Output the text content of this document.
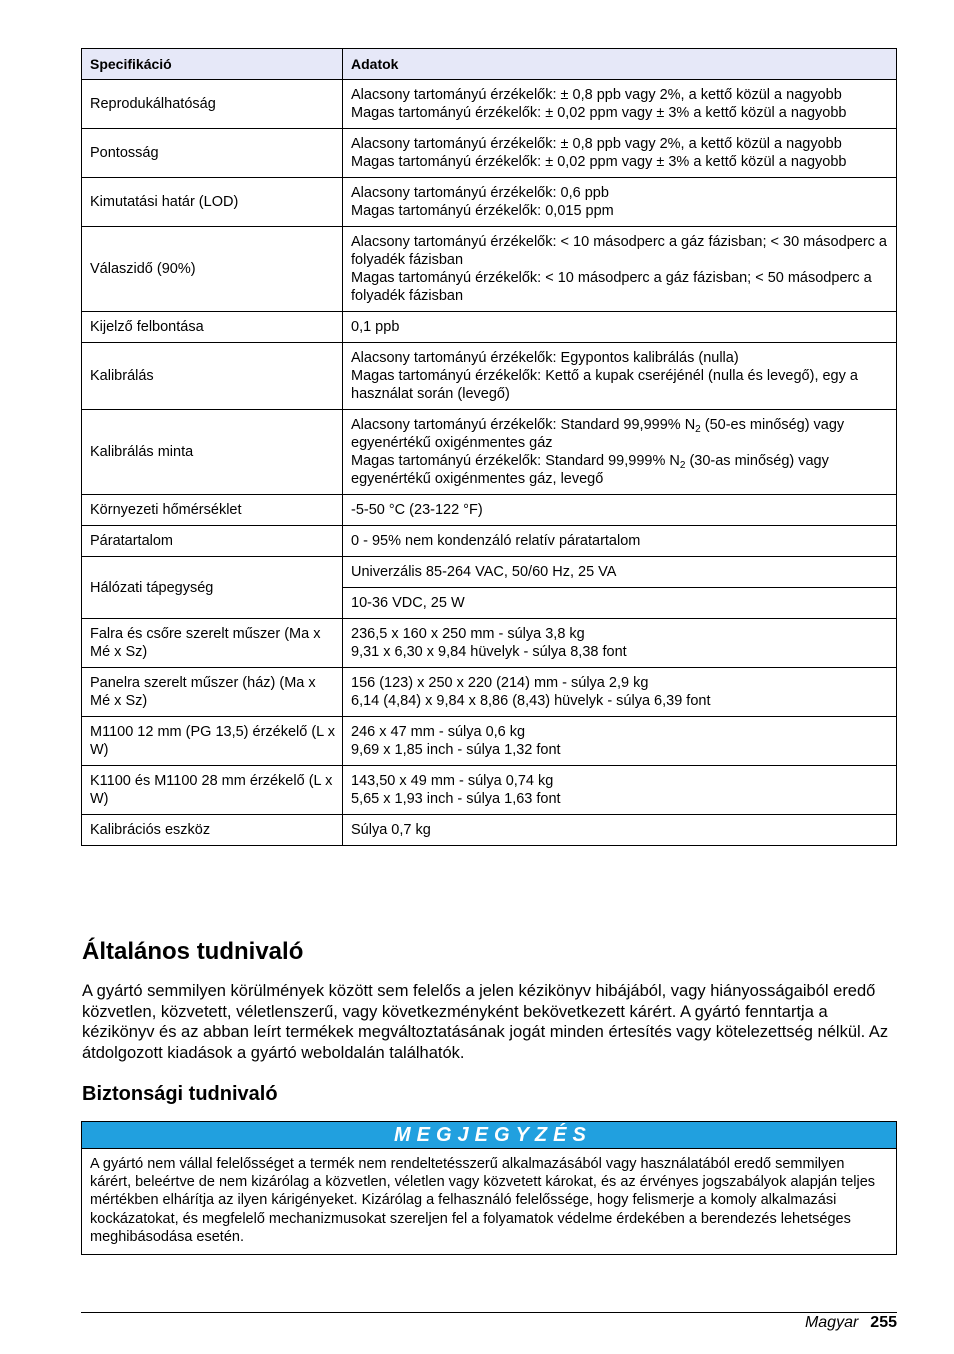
Specifikáció	Adatok
Reprodukálhatóság	Alacsony tartományú érzékelők: ± 0,8 ppb vagy 2%, a kettő közül a nagyobb
Magas tartományú érzékelők: ± 0,02 ppm vagy ± 3% a kettő közül a nagyobb

Pontosság	Alacsony tartományú érzékelők: ± 0,8 ppb vagy 2%, a kettő közül a nagyobb
Magas tartományú érzékelők: ± 0,02 ppm vagy ± 3% a kettő közül a nagyobb

Kimutatási határ (LOD)	Alacsony tartományú érzékelők: 0,6 ppb
Magas tartományú érzékelők: 0,015 ppm

Válaszidő (90%)	Alacsony tartományú érzékelők: < 10 másodperc a gáz fázisban; < 30 másodperc a folyadék fázisban
Magas tartományú érzékelők: < 10 másodperc a gáz fázisban; < 50 másodperc a folyadék fázisban

Kijelző felbontása	0,1 ppb

Kalibrálás	Alacsony tartományú érzékelők: Egypontos kalibrálás (nulla)
Magas tartományú érzékelők: Kettő a kupak cseréjénél (nulla és levegő), egy a használat során (levegő)

Kalibrálás minta	Alacsony tartományú érzékelők: Standard 99,999% $N_2$ (50-es minőség) vagy egyenértékű oxigénmentes gáz
Magas tartományú érzékelők: Standard 99,999% $N_2$ (30-as minőség) vagy egyenértékű oxigénmentes gáz, levegő

Környezeti hőmérséklet	-5-50 °C (23-122 °F)

Páratartalom	0 - 95% nem kondenzáló relatív páratartalom

Hálózati tápegység	Univerzális 85-264 VAC, 50/60 Hz, 25 VA

	10-36 VDC, 25 W
Falra és csőre szerelt műszer (Ma x Mé x Sz)	236,5 x 160 x 250 mm - súlya 3,8 kg
9,31 x 6,30 x 9,84 hüvelyk - súlya 8,38 font

Panelra szerelt műszer (ház) (Ma x Mé x Sz)	156 (123) x 250 x 220 (214) mm - súlya 2,9 kg
6,14 (4,84) x 9,84 x 8,86 (8,43) hüvelyk - súlya 6,39 font

M1100 12 mm (PG 13,5) érzékelő (L x W)	246 x 47 mm - súlya 0,6 kg
9,69 x 1,85 inch - súlya 1,32 font

K1100 és M1100 28 mm érzékelő (L x W)	143,50 x 49 mm - súlya 0,74 kg
5,65 x 1,93 inch - súlya 1,63 font

Kalibrációs eszköz	Súlya 0,7 kg
Általános tudnivaló

A gyártó semmilyen körülmények között sem felelős a jelen kézikönyv hibájából, vagy hiányosságaiból eredő közvetlen, közvetett, véletlenszerű, vagy következményként bekövetkezett kárért. A gyártó fenntartja a kézikönyv és az abban leírt termékek megváltoztatásának jogát minden értesítés vagy kötelezettség nélkül. Az átdolgozott kiadások a gyártó weboldalán találhatók.

Biztonsági tudnivaló
MEGJEGYZÉS
A gyártó nem vállal felelősséget a termék nem rendeltetésszerű alkalmazásából vagy használatából eredő semmilyen kárért, beleértve de nem kizárólag a közvetlen, véletlen vagy közvetett károkat, és az érvényes jogszabályok alapján teljes mértékben elhárítja az ilyen kárigényeket. Kizárólag a felhasználó felelőssége, hogy felismerje a komoly alkalmazási kockázatokat, és megfelelő mechanizmusokat szereljen fel a folyamatok védelme érdekében a berendezés lehetséges meghibásodása esetén.
Magyar 255
